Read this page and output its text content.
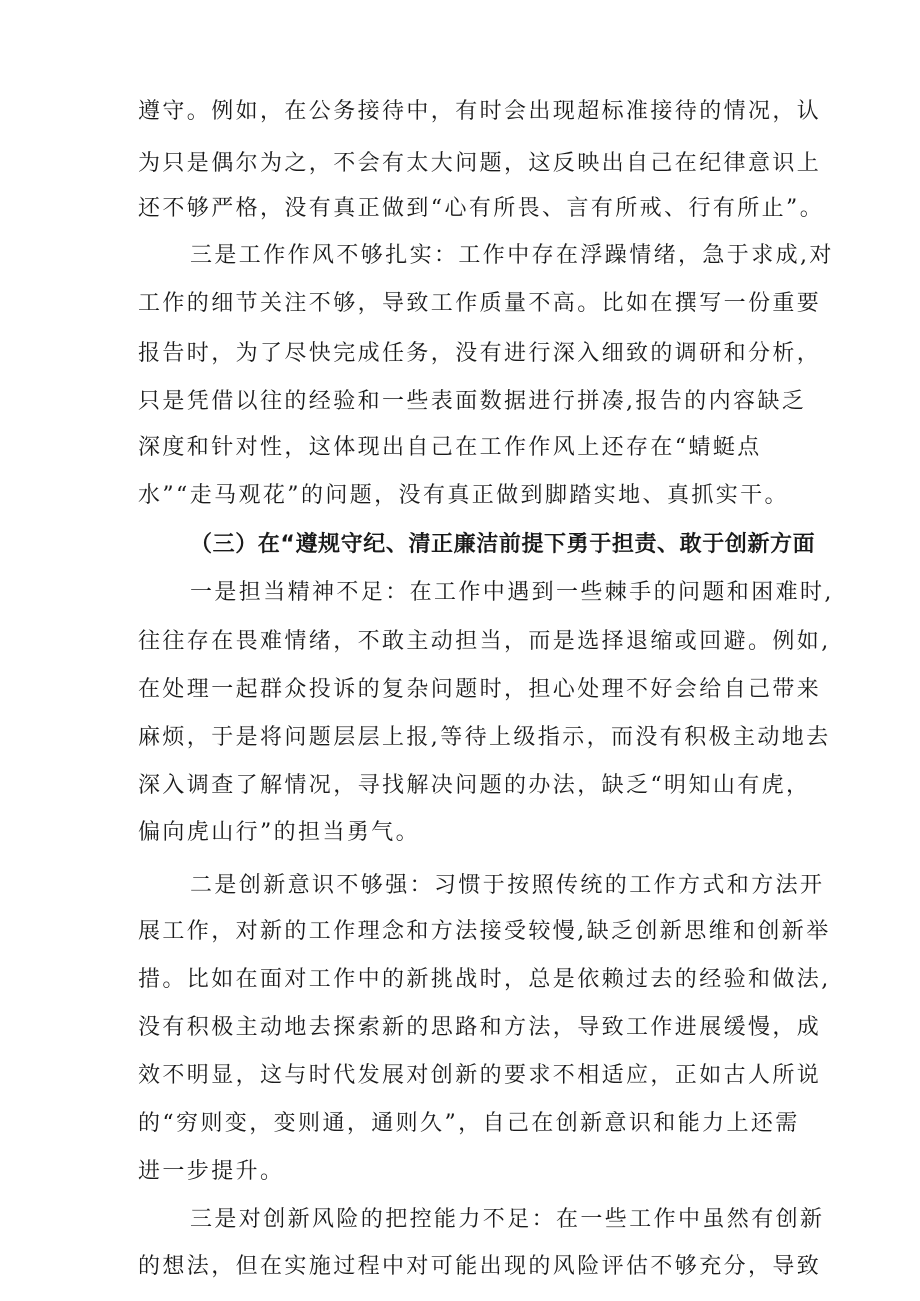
遵守。例如，在公务接待中，有时会出现超标准接待的情况，认
为只是偶尔为之，不会有太大问题，这反映出自己在纪律意识上
还不够严格，没有真正做到“心有所畏、言有所戒、行有所止”。
三是工作作风不够扎实：工作中存在浮躁情绪，急于求成,对
工作的细节关注不够，导致工作质量不高。比如在撰写一份重要
报告时，为了尽快完成任务，没有进行深入细致的调研和分析，
只是凭借以往的经验和一些表面数据进行拼凑,报告的内容缺乏
深度和针对性，这体现出自己在工作作风上还存在“蜻蜓点
水”“走马观花”的问题，没有真正做到脚踏实地、真抓实干。
（三）在“遵规守纪、清正廉洁前提下勇于担责、敢于创新方面
一是担当精神不足：在工作中遇到一些棘手的问题和困难时,
往往存在畏难情绪，不敢主动担当，而是选择退缩或回避。例如,
在处理一起群众投诉的复杂问题时，担心处理不好会给自己带来
麻烦，于是将问题层层上报,等待上级指示，而没有积极主动地去
深入调查了解情况，寻找解决问题的办法，缺乏“明知山有虎，
偏向虎山行”的担当勇气。
二是创新意识不够强：习惯于按照传统的工作方式和方法开
展工作，对新的工作理念和方法接受较慢,缺乏创新思维和创新举
措。比如在面对工作中的新挑战时，总是依赖过去的经验和做法,
没有积极主动地去探索新的思路和方法，导致工作进展缓慢，成
效不明显，这与时代发展对创新的要求不相适应，正如古人所说
的“穷则变，变则通，通则久”，自己在创新意识和能力上还需
进一步提升。
三是对创新风险的把控能力不足：在一些工作中虽然有创新
的想法，但在实施过程中对可能出现的风险评估不够充分，导致
